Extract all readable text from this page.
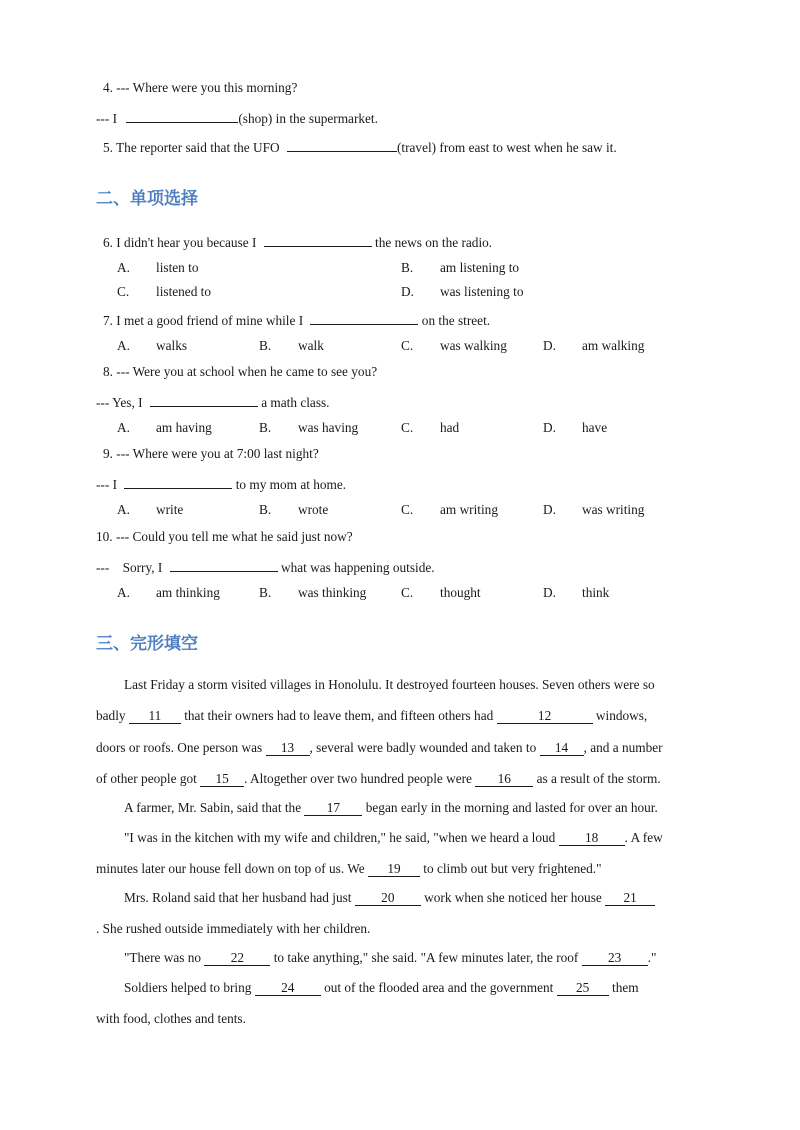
4. --- Where were you this morning?
--- I	(shop) in the supermarket.
5. The reporter said that the UFO	(travel) from east to west when he saw it.
二、单项选择
6. I didn't hear you because I	the news on the radio.
A. listen to	B. am listening to
C. listened to	D. was listening to
7. I met a good friend of mine while I	on the street.
A. walks	B. walk	C. was walking	D. am walking
8. --- Were you at school when he came to see you?
--- Yes, I	a math class.
A. am having	B. was having	C. had	D. have
9. --- Where were you at 7:00 last night?
--- I	to my mom at home.
A. write	B. wrote	C. am writing	D. was writing
10. --- Could you tell me what he said just now?
---    Sorry, I	what was happening outside.
A. am thinking	B. was thinking	C. thought	D. think
三、完形填空
Last Friday a storm visited villages in Honolulu. It destroyed fourteen houses. Seven others were so
badly 11 that their owners had to leave them, and fifteen others had	12	windows,
doors or roofs. One person was 13 , several were badly wounded and taken to 14 , and a number
of other people got 15 . Altogether over two hundred people were 16 as a result of the storm.
A farmer, Mr. Sabin, said that the 17 began early in the morning and lasted for over an hour.
"I was in the kitchen with my wife and children," he said, "when we heard a loud 18 . A few
minutes later our house fell down on top of us. We 19 to climb out but very frightened."
Mrs. Roland said that her husband had just 20 work when she noticed her house 21
. She rushed outside immediately with her children.
"There was no 22 to take anything," she said. "A few minutes later, the roof 23 ."
Soldiers helped to bring 24 out of the flooded area and the government 25 them
with food, clothes and tents.
